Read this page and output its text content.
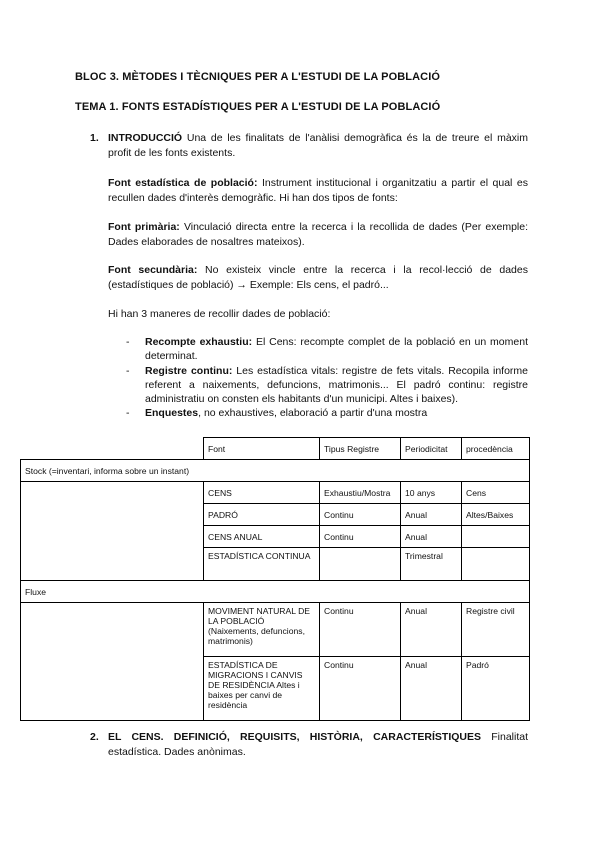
BLOC 3. MÈTODES I TÈCNIQUES PER A L'ESTUDI DE LA POBLACIÓ
TEMA 1. FONTS ESTADÍSTIQUES PER A L'ESTUDI DE LA POBLACIÓ
1. INTRODUCCIÓ Una de les finalitats de l'anàlisi demogràfica és la de treure el màxim profit de les fonts existents.
Font estadística de població: Instrument institucional i organitzatiu a partir el qual es recullen dades d'interès demogràfic. Hi han dos tipos de fonts:
Font primària: Vinculació directa entre la recerca i la recollida de dades (Per exemple: Dades elaborades de nosaltres mateixos).
Font secundària: No existeix vincle entre la recerca i la recol·lecció de dades (estadístiques de població) → Exemple: Els cens, el padró...
Hi han 3 maneres de recollir dades de població:
- Recompte exhaustiu: El Cens: recompte complet de la població en un moment determinat.
- Registre continu: Les estadística vitals: registre de fets vitals. Recopila informe referent a naixements, defuncions, matrimonis... El padró continu: registre administratiu on consten els habitants d'un municipi. Altes i baixes).
- Enquestes, no exhaustives, elaboració a partir d'una mostra
	Font	Tipus Registre	Periodicitat	procedència
Stock (=inventari, informa sobre un instant)				
	CENS	Exhaustiu/Mostra	10 anys	Cens
	PADRÓ	Continu	Anual	Altes/Baixes
	CENS ANUAL	Continu	Anual	
	ESTADÍSTICA CONTINUA		Trimestral	
Fluxe				
	MOVIMENT NATURAL DE LA POBLACIÓ
(Naixements, defuncions, matrimonis)	Continu	Anual	Registre civil
	ESTADÍSTICA DE MIGRACIONS I CANVIS DE RESIDÈNCIA Altes i baixes per canvi de residència	Continu	Anual	Padró
2. EL CENS. DEFINICIÓ, REQUISITS, HISTÒRIA, CARACTERÍSTIQUES Finalitat estadística. Dades anònimas.
